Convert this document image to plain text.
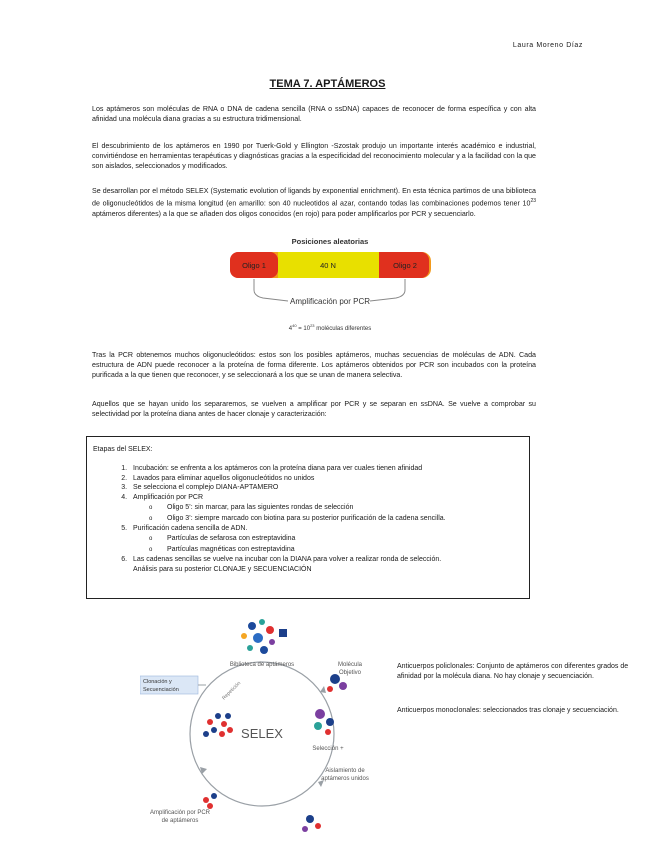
Laura Moreno Díaz
TEMA 7. APTÁMEROS
Los aptámeros son moléculas de RNA o DNA de cadena sencilla (RNA o ssDNA) capaces de reconocer de forma específica y con alta afinidad una molécula diana gracias a su estructura tridimensional.
El descubrimiento de los aptámeros en 1990 por Tuerk-Gold y Ellington -Szostak produjo un importante interés académico e industrial, convirtiéndose en herramientas terapéuticas y diagnósticas gracias a la especificidad del reconocimiento molecular y a la facilidad con la que son aislados, seleccionados y modificados.
Se desarrollan por el método SELEX (Systematic evolution of ligands by exponential enrichment). En esta técnica partimos de una biblioteca de oligonucleótidos de la misma longitud (en amarillo: son 40 nucleotidos al azar, contando todas las combinaciones podemos tener $10^{23}$ aptámeros diferentes) a la que se añaden dos oligos conocidos (en rojo) para poder amplificarlos por PCR y secuenciarlo.
Posiciones aleatorias
Oligo 1	40 N	Oligo 2
Amplificación por PCR
$4^{40} = 10^{23}$ moléculas diferentes
Tras la PCR obtenemos muchos oligonucleótidos: estos son los posibles aptámeros, muchas secuencias de moléculas de ADN. Cada estructura de ADN puede reconocer a la proteína de forma diferente. Los aptámeros obtenidos por PCR son incubados con la proteína purificada a la que tienen que reconocer, y se seleccionará a los que se unan de manera selectiva.
Aquellos que se hayan unido los separaremos, se vuelven a amplificar por PCR y se separan en ssDNA. Se vuelve a comprobar su selectividad por la proteína diana antes de hacer clonaje y caracterización:
Etapas del SELEX:
1. Incubación: se enfrenta a los aptámeros con la proteína diana para ver cuales tienen afinidad
2. Lavados para eliminar aquellos oligonucleótidos no unidos
3. Se selecciona el complejo DIANA-APTAMERO
4. Amplificación por PCR
o Oligo 5’: sin marcar, para las siguientes rondas de selección
o Oligo 3’: siempre marcado con biotina para su posterior purificación de la cadena sencilla.
5. Purificación cadena sencilla de ADN.
o Partículas de sefarosa con estreptavidina
o Partículas magnéticas con estreptavidina
6. Las cadenas sencillas se vuelve na incubar con la DIANA para volver a realizar ronda de selección.
Análisis para su posterior CLONAJE y SECUENCIACIÓN
SELEX
Biblioteca de aptámeros	Molécula
Objetivo
Selección +
Aislamiento de
aptámeros unidos
Amplificación por PCR
de aptámeros
Clonación y
Secuenciación	Repetición
Anticuerpos policlonales: Conjunto de aptámeros con diferentes grados de afinidad por la molécula diana. No hay clonaje y secuenciación.
Anticuerpos monoclonales: seleccionados tras clonaje y secuenciación.
